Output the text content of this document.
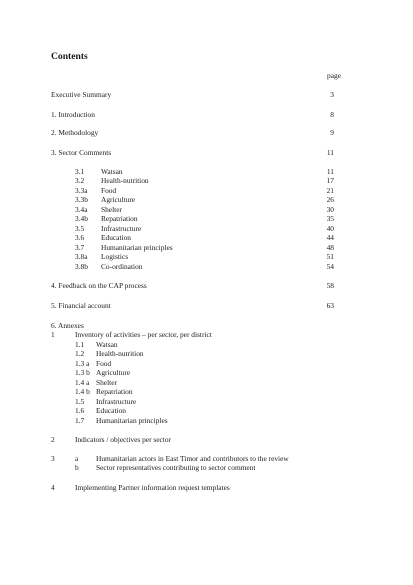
Contents
page
Executive Summary	3
1. Introduction	8
2. Methodology	9
3. Sector Comments	11
3.1 Watsan	11
3.2 Health-nutrition	17
3.3a Food	21
3.3b Agriculture	26
3.4a Shelter	30
3.4b Repatriation	35
3.5 Infrastructure	40
3.6 Education	44
3.7 Humanitarian principles	48
3.8a Logistics	51
3.8b Co-ordination	54
4. Feedback on the CAP process	58
5. Financial account	63
6. Annexes
1	Inventory of activities – per sector, per district
1.1 Watsan
1.2 Health-nutrition
1.3 a Food
1.3 b Agriculture
1.4 a Shelter
1.4 b Repatriation
1.5 Infrastructure
1.6 Education
1.7 Humanitarian principles
2	Indicators / objectives per sector
3	a Humanitarian actors in East Timor and contributors to the review
b Sector representatives contributing to sector comment
4	Implementing Partner information request templates
